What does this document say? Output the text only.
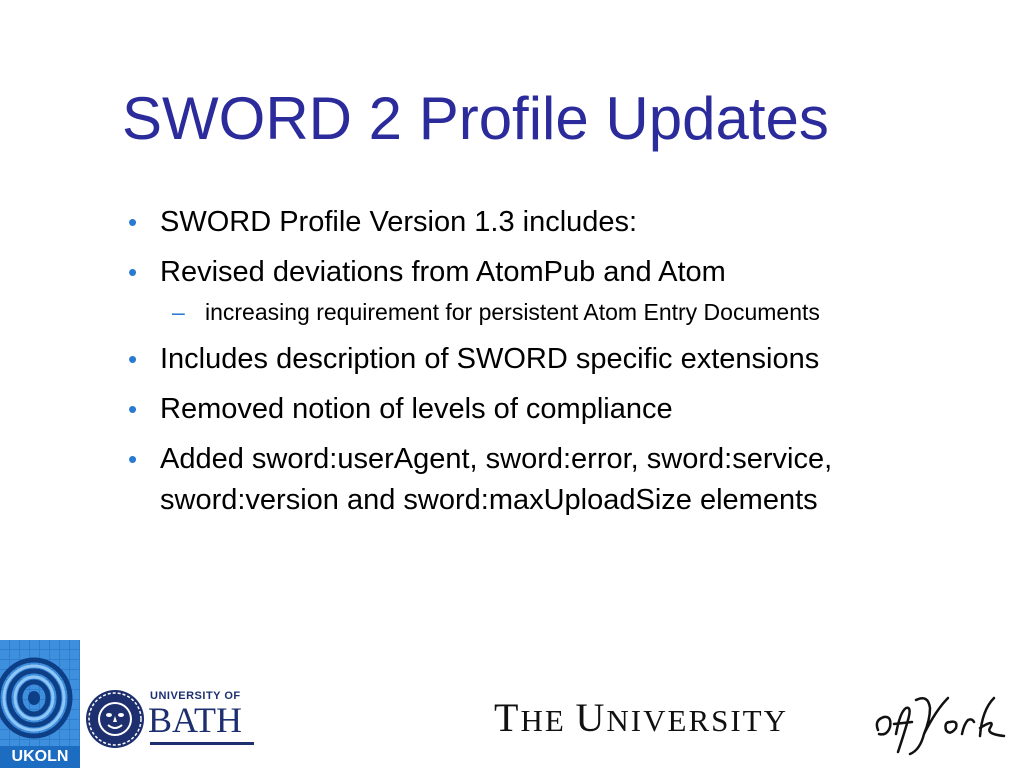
SWORD 2 Profile Updates
• SWORD Profile Version 1.3 includes:
• Revised deviations from AtomPub and Atom
– increasing requirement for persistent Atom Entry Documents
• Includes description of SWORD specific extensions
• Removed notion of levels of compliance
• Added sword:userAgent, sword:error, sword:service, sword:version and sword:maxUploadSize elements
UKOLN
UNIVERSITY OF
BATH	THE UNIVERSITY
